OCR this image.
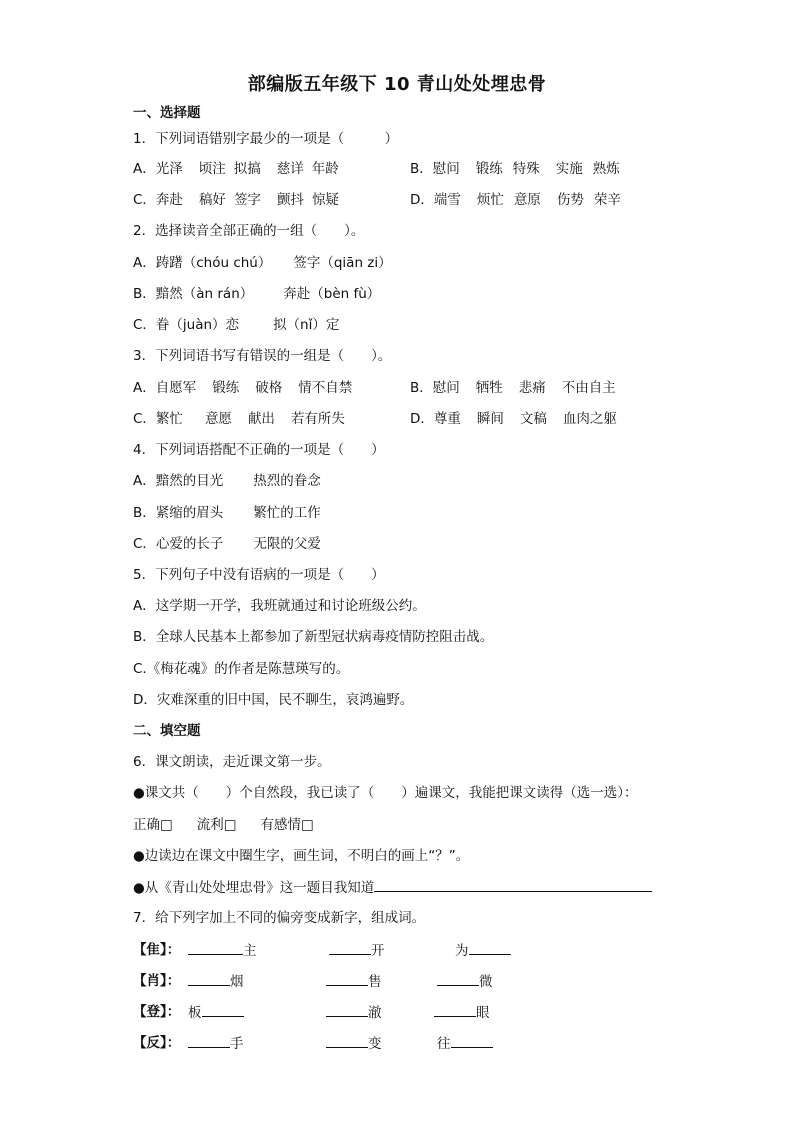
部编版五年级下 10 青山处处埋忠骨
一、选择题
1．下列词语错别字最少的一项是（　　　）
A．光泽 顷注 拟搞 慈详 年龄	B．慰问 锻练 特殊 实施 熟炼
C．奔赴 稿好 签字 颤抖 惊疑	D．端雪 烦忙 意原 伤势 荣辛
2．选择读音全部正确的一组（　　）。
A．踌躇（chóu chú） 签字（qiān zi）
B．黯然（àn rán） 奔赴（bèn fù）
C．眷（juàn）恋	拟（nǐ）定
3．下列词语书写有错误的一组是（　　）。
A．自愿军 锻练 破格 情不自禁	B．慰问 牺牲 悲痛 不由自主
C．繁忙 意愿 献出 若有所失	D．尊重 瞬间 文稿 血肉之躯
4．下列词语搭配不正确的一项是（　　）
A．黯然的目光 热烈的眷念
B．紧缩的眉头 繁忙的工作
C．心爱的长子 无限的父爱
5．下列句子中没有语病的一项是（　　）
A．这学期一开学，我班就通过和讨论班级公约。
B．全球人民基本上都参加了新型冠状病毒疫情防控阻击战。
C.《梅花魂》的作者是陈慧瑛写的。
D．灾难深重的旧中国，民不聊生，哀鸿遍野。
二、填空题
6．课文朗读，走近课文第一步。
●课文共（　　）个自然段，我已读了（　　）遍课文，我能把课文读得（选一选）：
正确□ 流利□ 有感情□
●边读边在课文中圈生字，画生词，不明白的画上“？”。
●从《青山处处埋忠骨》这一题目我知道
7．给下列字加上不同的偏旁变成新字，组成词。
【隹】：	主	开	为
【肖】：	烟	售	微
【登】： 板	澈	眼
【反】：	手	变	往
